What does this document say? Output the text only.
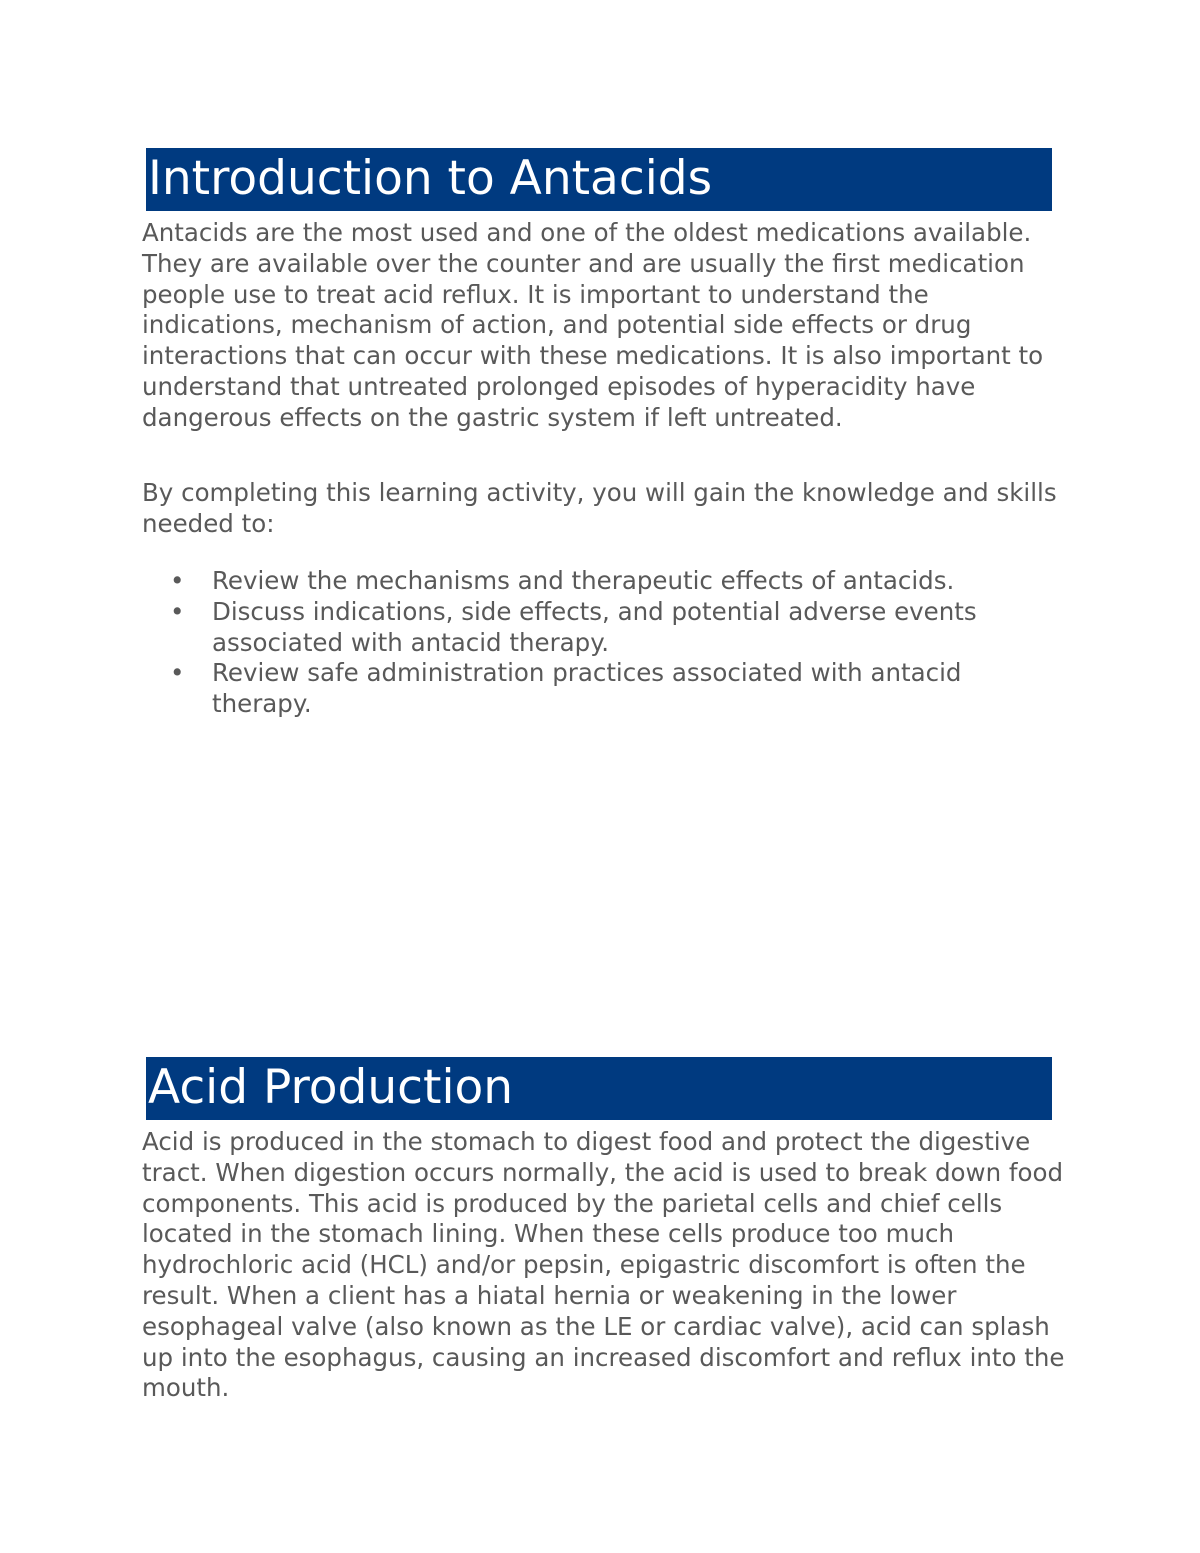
Introduction to Antacids

Antacids are the most used and one of the oldest medications available. They are available over the counter and are usually the first medication people use to treat acid reflux. It is important to understand the indications, mechanism of action, and potential side effects or drug interactions that can occur with these medications. It is also important to understand that untreated prolonged episodes of hyperacidity have dangerous effects on the gastric system if left untreated.

By completing this learning activity, you will gain the knowledge and skills needed to:

• Review the mechanisms and therapeutic effects of antacids.
• Discuss indications, side effects, and potential adverse events associated with antacid therapy.
• Review safe administration practices associated with antacid therapy.
Acid Production

Acid is produced in the stomach to digest food and protect the digestive tract. When digestion occurs normally, the acid is used to break down food components. This acid is produced by the parietal cells and chief cells located in the stomach lining. When these cells produce too much hydrochloric acid (HCL) and/or pepsin, epigastric discomfort is often the result. When a client has a hiatal hernia or weakening in the lower esophageal valve (also known as the LE or cardiac valve), acid can splash up into the esophagus, causing an increased discomfort and reflux into the mouth.
